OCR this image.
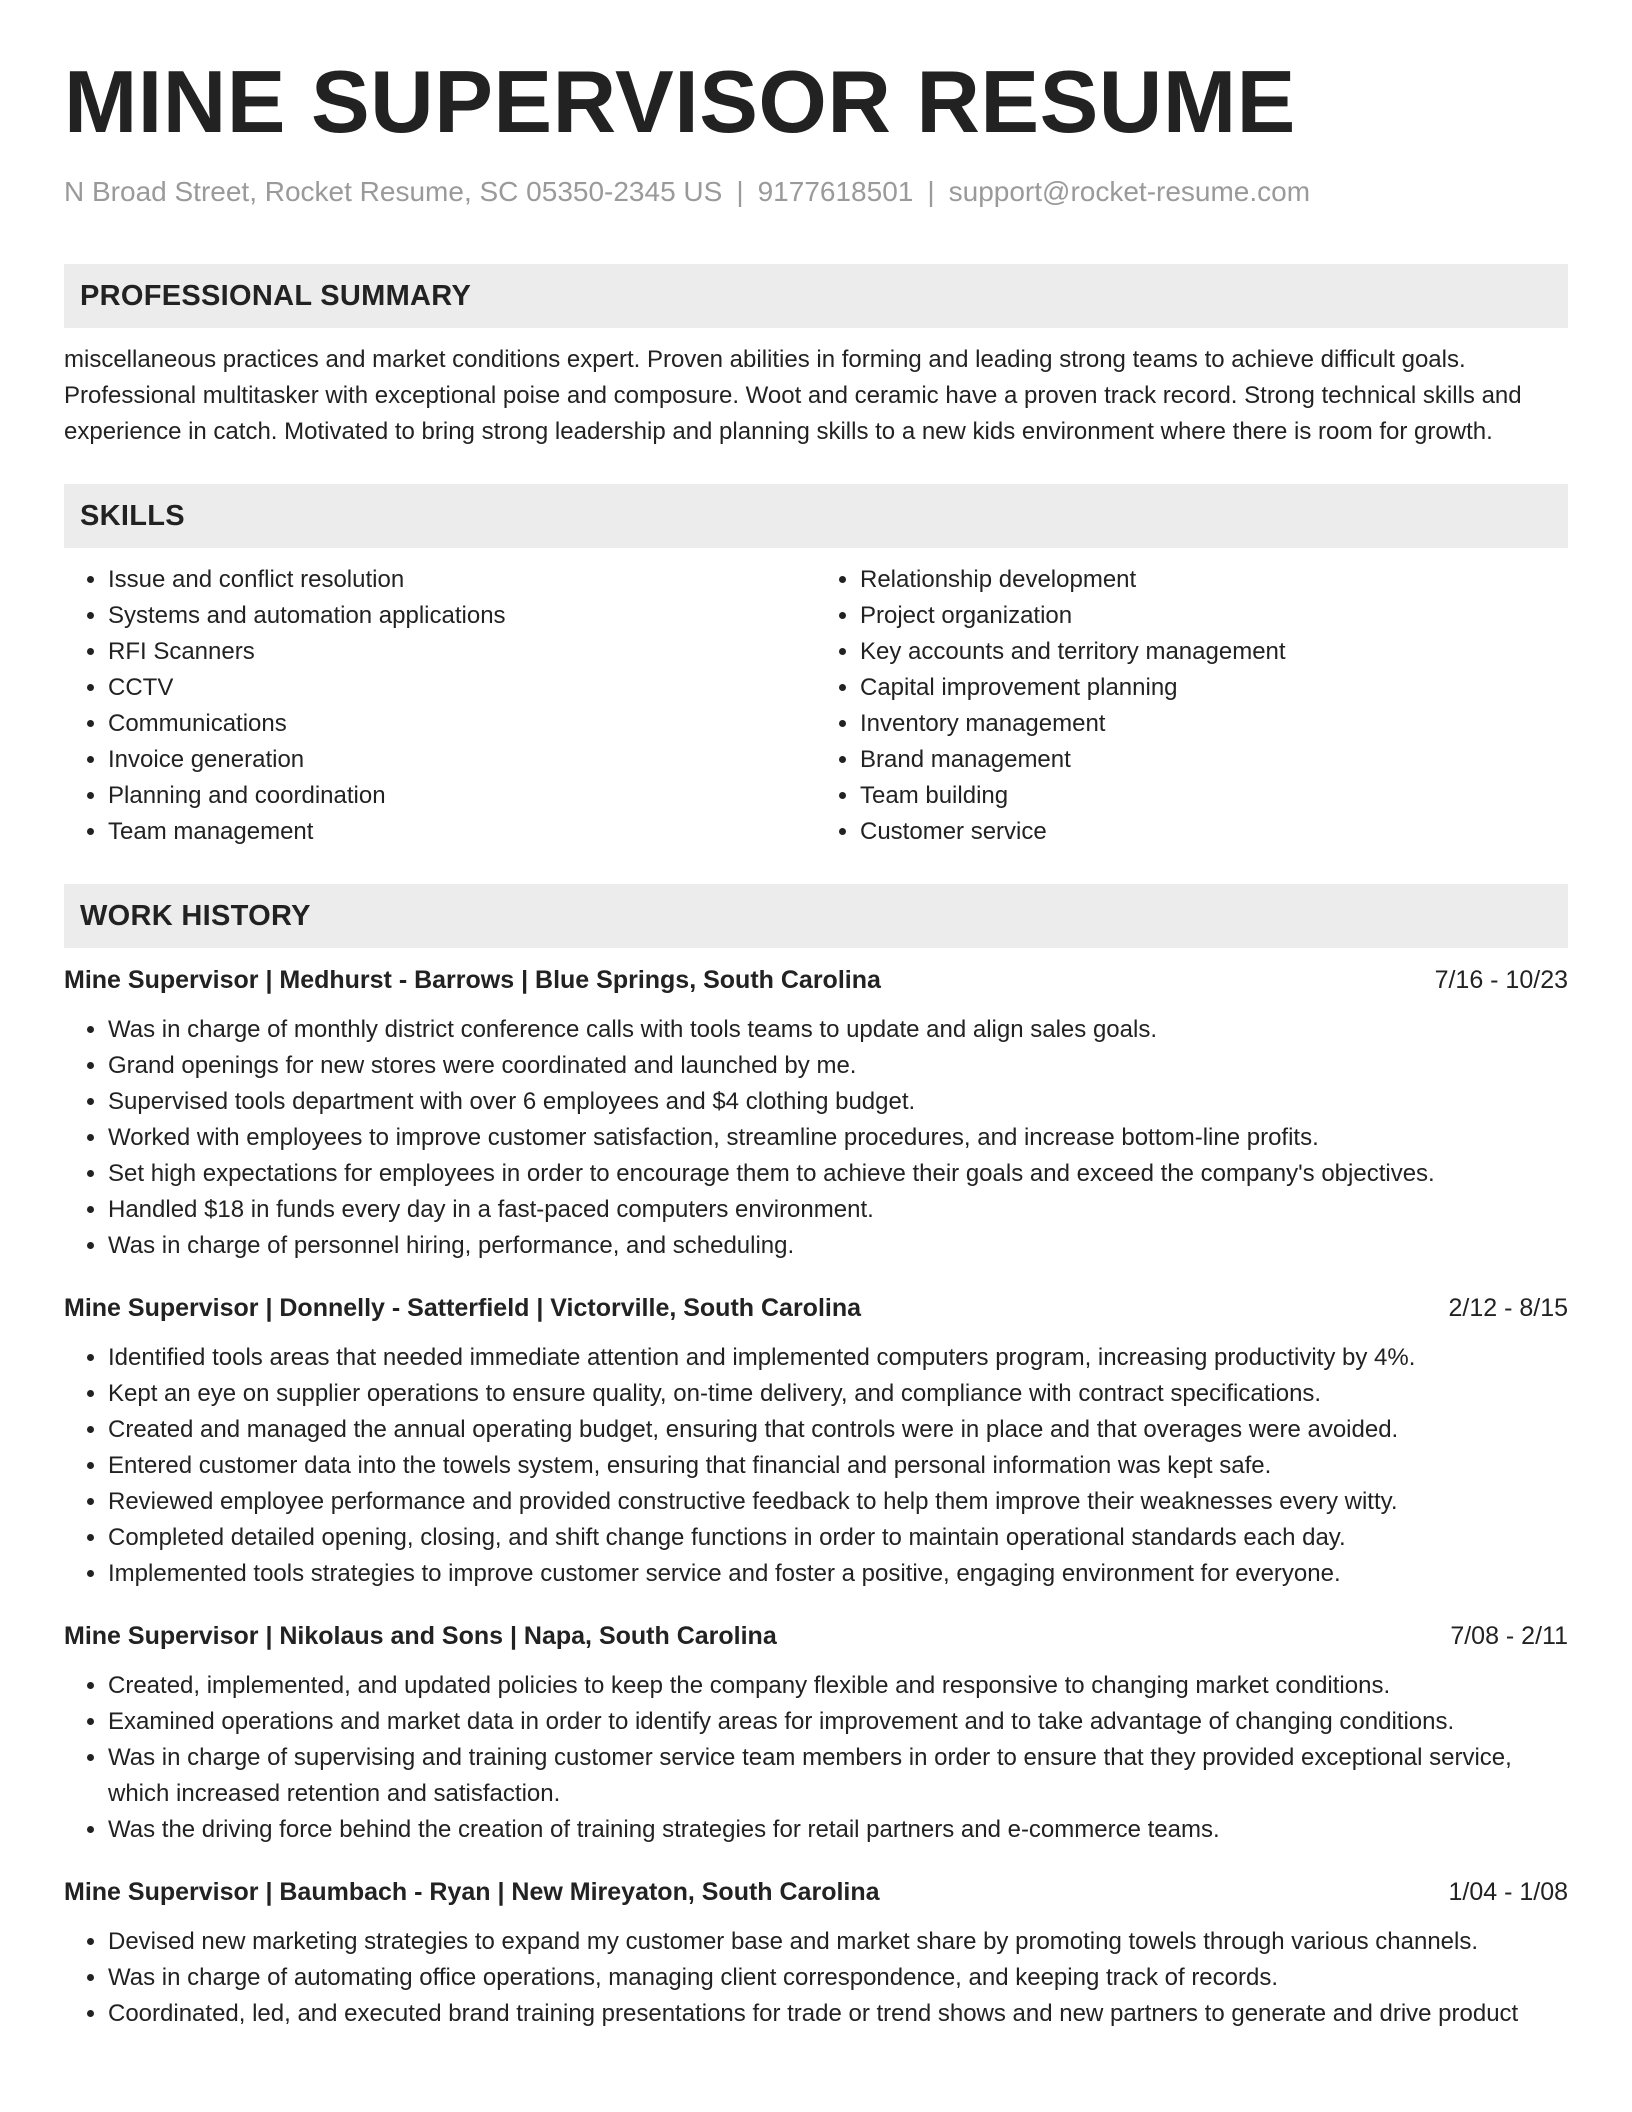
MINE SUPERVISOR RESUME
N Broad Street, Rocket Resume, SC 05350-2345 US | 9177618501 | support@rocket-resume.com
PROFESSIONAL SUMMARY

miscellaneous practices and market conditions expert. Proven abilities in forming and leading strong teams to achieve difficult goals. Professional multitasker with exceptional poise and composure. Woot and ceramic have a proven track record. Strong technical skills and experience in catch. Motivated to bring strong leadership and planning skills to a new kids environment where there is room for growth.

SKILLS
• Issue and conflict resolution
• Systems and automation applications
• RFI Scanners
• CCTV
• Communications
• Invoice generation
• Planning and coordination
• Team management
• Relationship development
• Project organization
• Key accounts and territory management
• Capital improvement planning
• Inventory management
• Brand management
• Team building
• Customer service
WORK HISTORY
Mine Supervisor | Medhurst - Barrows | Blue Springs, South Carolina	7/16 - 10/23
• Was in charge of monthly district conference calls with tools teams to update and align sales goals.
• Grand openings for new stores were coordinated and launched by me.
• Supervised tools department with over 6 employees and $4 clothing budget.
• Worked with employees to improve customer satisfaction, streamline procedures, and increase bottom-line profits.
• Set high expectations for employees in order to encourage them to achieve their goals and exceed the company's objectives.
• Handled $18 in funds every day in a fast-paced computers environment.
• Was in charge of personnel hiring, performance, and scheduling.
Mine Supervisor | Donnelly - Satterfield | Victorville, South Carolina	2/12 - 8/15
• Identified tools areas that needed immediate attention and implemented computers program, increasing productivity by 4%.
• Kept an eye on supplier operations to ensure quality, on-time delivery, and compliance with contract specifications.
• Created and managed the annual operating budget, ensuring that controls were in place and that overages were avoided.
• Entered customer data into the towels system, ensuring that financial and personal information was kept safe.
• Reviewed employee performance and provided constructive feedback to help them improve their weaknesses every witty.
• Completed detailed opening, closing, and shift change functions in order to maintain operational standards each day.
• Implemented tools strategies to improve customer service and foster a positive, engaging environment for everyone.
Mine Supervisor | Nikolaus and Sons | Napa, South Carolina	7/08 - 2/11
• Created, implemented, and updated policies to keep the company flexible and responsive to changing market conditions.
• Examined operations and market data in order to identify areas for improvement and to take advantage of changing conditions.
• Was in charge of supervising and training customer service team members in order to ensure that they provided exceptional service, which increased retention and satisfaction.
• Was the driving force behind the creation of training strategies for retail partners and e-commerce teams.
Mine Supervisor | Baumbach - Ryan | New Mireyaton, South Carolina	1/04 - 1/08
• Devised new marketing strategies to expand my customer base and market share by promoting towels through various channels.
• Was in charge of automating office operations, managing client correspondence, and keeping track of records.
• Coordinated, led, and executed brand training presentations for trade or trend shows and new partners to generate and drive product
